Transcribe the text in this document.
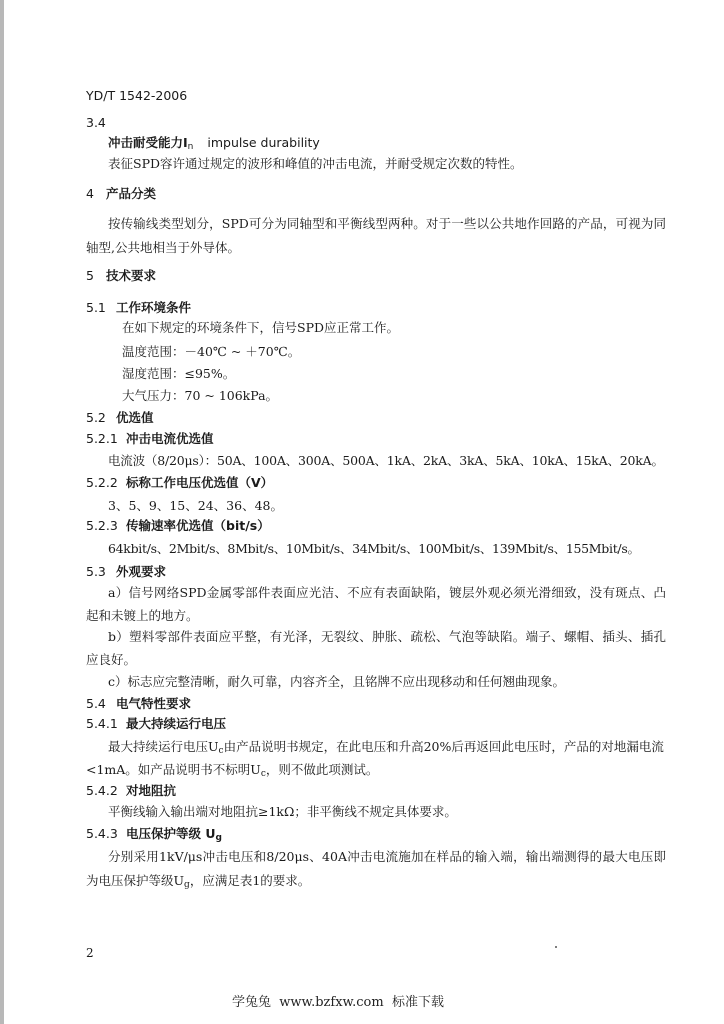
YD/T 1542-2006
3.4
冲击耐受能力$I_n$ impulse durability
表征SPD容许通过规定的波形和峰值的冲击电流，并耐受规定次数的特性。
4 产品分类
按传输线类型划分，SPD可分为同轴型和平衡线型两种。对于一些以公共地作回路的产品，可视为同
轴型,公共地相当于外导体。
5 技术要求
5.1 工作环境条件
在如下规定的环境条件下，信号SPD应正常工作。
温度范围：－40℃ ~ ＋70℃。
湿度范围：≤95%。
大气压力：70 ~ 106kPa。
5.2 优选值
5.2.1 冲击电流优选值
电流波（8/20μs）：50A、100A、300A、500A、1kA、2kA、3kA、5kA、10kA、15kA、20kA。
5.2.2 标称工作电压优选值（V）
3、5、9、15、24、36、48。
5.2.3 传输速率优选值（bit/s）
64kbit/s、2Mbit/s、8Mbit/s、10Mbit/s、34Mbit/s、100Mbit/s、139Mbit/s、155Mbit/s。
5.3 外观要求
a）信号网络SPD金属零部件表面应光洁、不应有表面缺陷，镀层外观必须光滑细致，没有斑点、凸
起和未镀上的地方。
b）塑料零部件表面应平整，有光泽，无裂纹、肿胀、疏松、气泡等缺陷。端子、螺帽、插头、插孔
应良好。
c）标志应完整清晰，耐久可靠，内容齐全，且铭牌不应出现移动和任何翘曲现象。
5.4 电气特性要求
5.4.1 最大持续运行电压
最大持续运行电压$U_c$由产品说明书规定，在此电压和升高20%后再返回此电压时，产品的对地漏电流
<1mA。如产品说明书不标明$U_c$，则不做此项测试。
5.4.2 对地阻抗
平衡线输入输出端对地阻抗≥1kΩ；非平衡线不规定具体要求。
5.4.3 电压保护等级 $U_g$
分别采用1kV/μs冲击电压和8/20μs、40A冲击电流施加在样品的输入端，输出端测得的最大电压即
为电压保护等级$U_g$，应满足表1的要求。
2
学兔兔  www.bzfxw.com  标准下载
